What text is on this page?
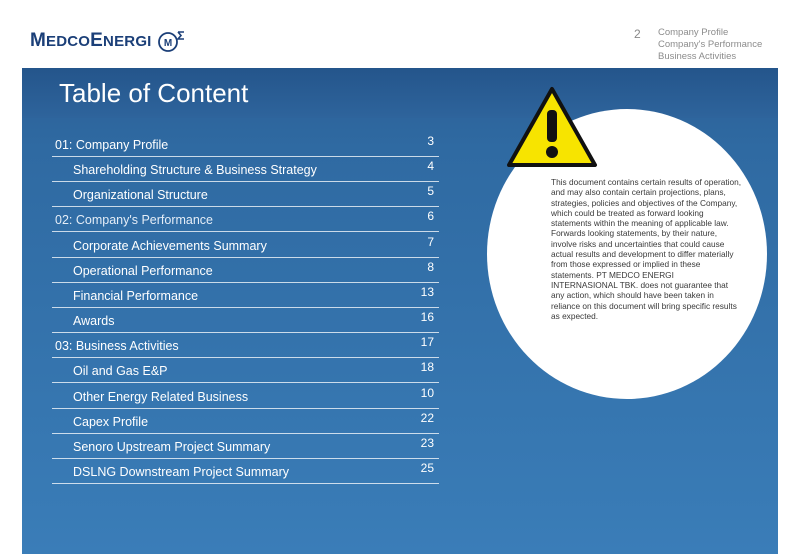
MEDCOENERGI M
2 Company Profile
Company's Performance
Business Activities
Table of Content
01: Company Profile	3
Shareholding Structure & Business Strategy	4
Organizational Structure	5
02: Company's Performance	6
Corporate Achievements Summary	7
Operational Performance	8
Financial Performance	13
Awards	16
03: Business Activities	17
Oil and Gas E&P	18
Other Energy Related Business	10
Capex Profile	22
Senoro Upstream Project Summary	23
DSLNG Downstream Project Summary	25
This document contains certain results of operation, and may also contain certain projections, plans, strategies, policies and objectives of the Company, which could be treated as forward looking statements within the meaning of applicable law. Forwards looking statements, by their nature, involve risks and uncertainties that could cause actual results and development to differ materially from those expressed or implied in these statements. PT MEDCO ENERGI INTERNASIONAL TBK. does not guarantee that any action, which should have been taken in reliance on this document will bring specific results as expected.
